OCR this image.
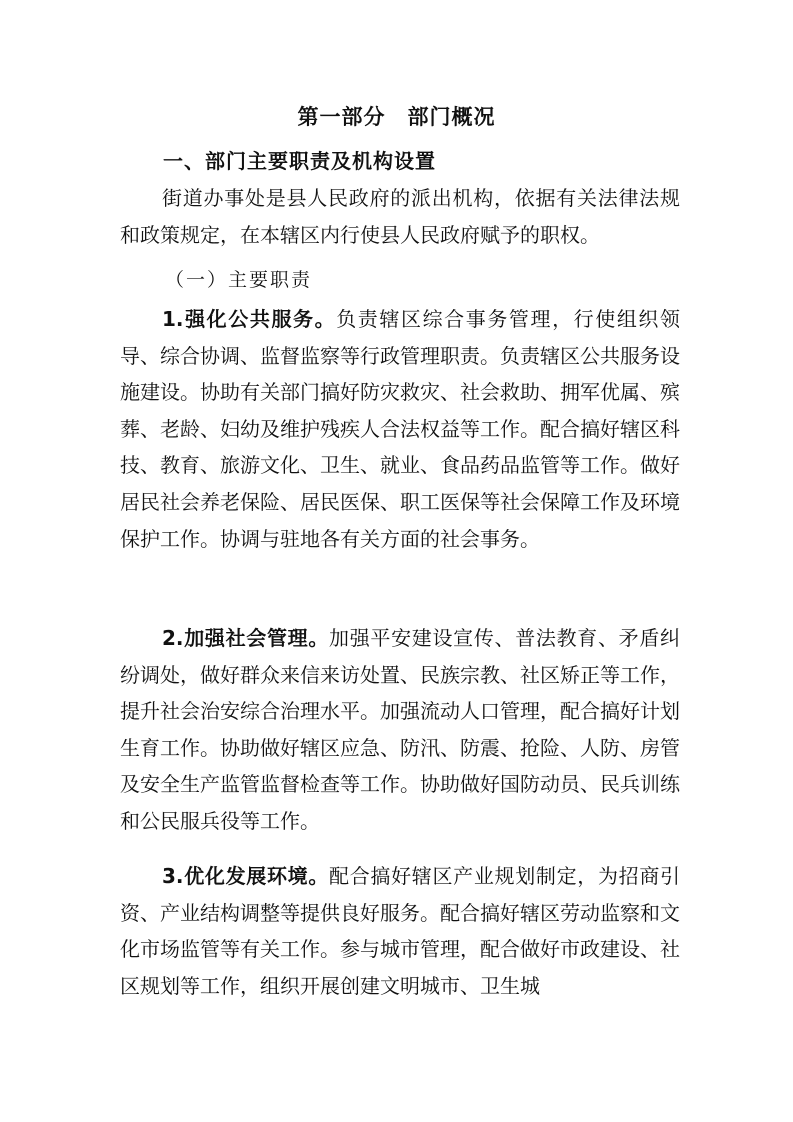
第一部分　部门概况
一、部门主要职责及机构设置

街道办事处是县人民政府的派出机构，依据有关法律法规和政策规定，在本辖区内行使县人民政府赋予的职权。

（一）主要职责

1.强化公共服务。负责辖区综合事务管理，行使组织领导、综合协调、监督监察等行政管理职责。负责辖区公共服务设施建设。协助有关部门搞好防灾救灾、社会救助、拥军优属、殡葬、老龄、妇幼及维护残疾人合法权益等工作。配合搞好辖区科技、教育、旅游文化、卫生、就业、食品药品监管等工作。做好居民社会养老保险、居民医保、职工医保等社会保障工作及环境保护工作。协调与驻地各有关方面的社会事务。

2.加强社会管理。加强平安建设宣传、普法教育、矛盾纠纷调处，做好群众来信来访处置、民族宗教、社区矫正等工作，提升社会治安综合治理水平。加强流动人口管理，配合搞好计划生育工作。协助做好辖区应急、防汛、防震、抢险、人防、房管及安全生产监管监督检查等工作。协助做好国防动员、民兵训练和公民服兵役等工作。

3.优化发展环境。配合搞好辖区产业规划制定，为招商引资、产业结构调整等提供良好服务。配合搞好辖区劳动监察和文化市场监管等有关工作。参与城市管理，配合做好市政建设、社区规划等工作，组织开展创建文明城市、卫生城
